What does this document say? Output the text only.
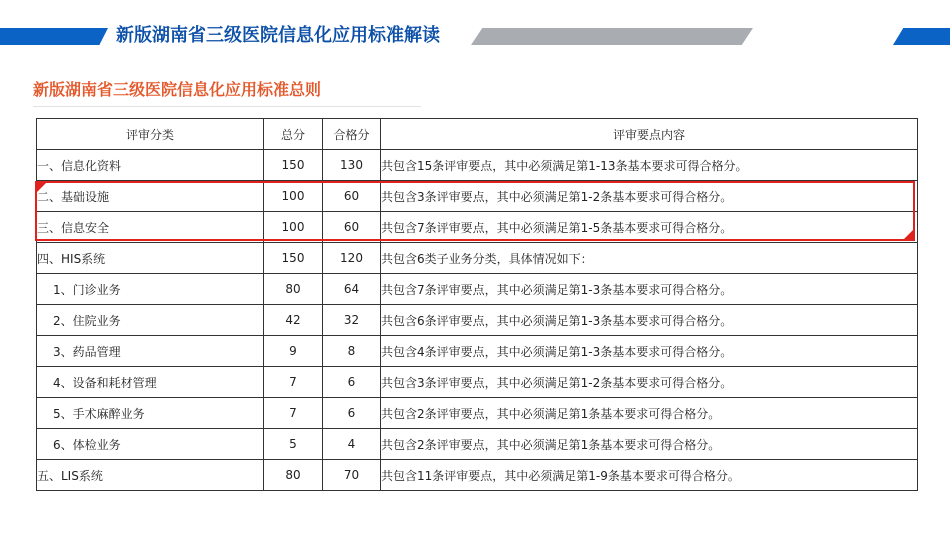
新版湖南省三级医院信息化应用标准解读
新版湖南省三级医院信息化应用标准总则
评审分类	总分	合格分	评审要点内容
一、信息化资料	150	130	共包含15条评审要点，其中必须满足第1-13条基本要求可得合格分。
二、基础设施	100	60	共包含3条评审要点，其中必须满足第1-2条基本要求可得合格分。
三、信息安全	100	60	共包含7条评审要点，其中必须满足第1-5条基本要求可得合格分。
四、HIS系统	150	120	共包含6类子业务分类，具体情况如下：
1、门诊业务	80	64	共包含7条评审要点，其中必须满足第1-3条基本要求可得合格分。
2、住院业务	42	32	共包含6条评审要点，其中必须满足第1-3条基本要求可得合格分。
3、药品管理	9	8	共包含4条评审要点，其中必须满足第1-3条基本要求可得合格分。
4、设备和耗材管理	7	6	共包含3条评审要点，其中必须满足第1-2条基本要求可得合格分。
5、手术麻醉业务	7	6	共包含2条评审要点，其中必须满足第1条基本要求可得合格分。
6、体检业务	5	4	共包含2条评审要点，其中必须满足第1条基本要求可得合格分。
五、LIS系统	80	70	共包含11条评审要点，其中必须满足第1-9条基本要求可得合格分。
